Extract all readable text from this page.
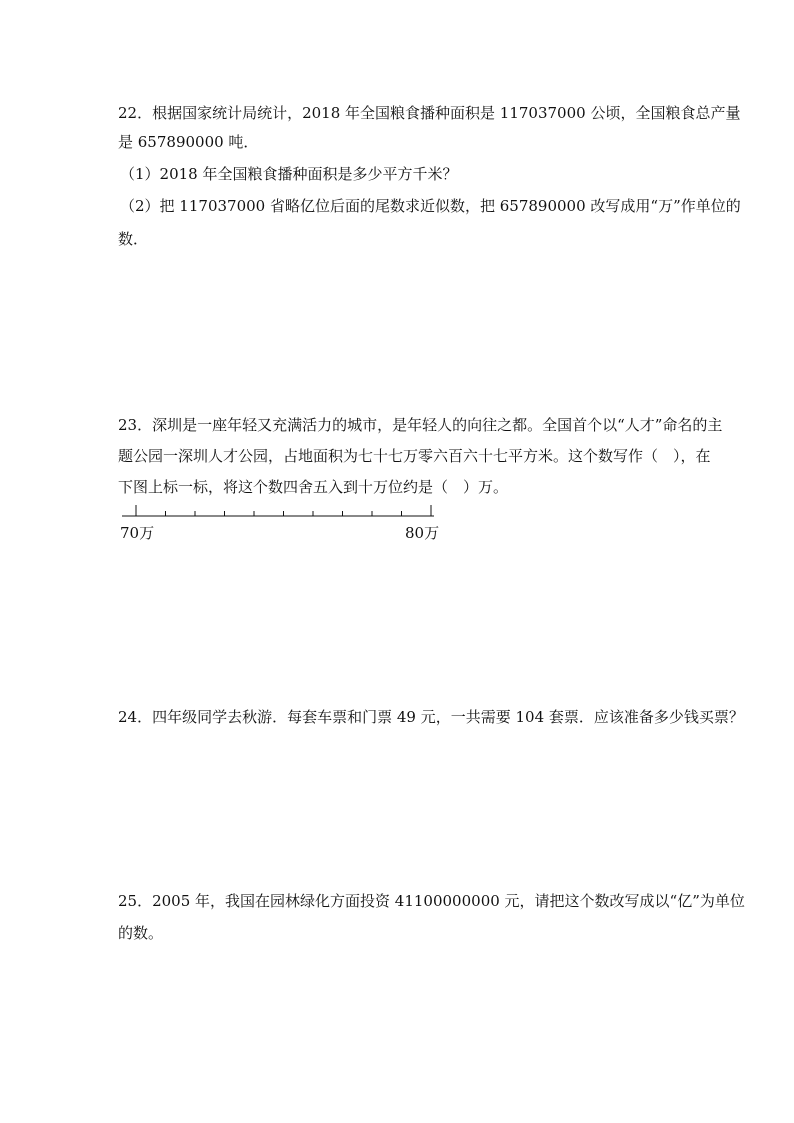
22．根据国家统计局统计，2018 年全国粮食播种面积是 117037000 公顷，全国粮食总产量
是 657890000 吨．
（1）2018 年全国粮食播种面积是多少平方千米？
（2）把 117037000 省略亿位后面的尾数求近似数，把 657890000 改写成用“万”作单位的
数．
23．深圳是一座年轻又充满活力的城市，是年轻人的向往之都。全国首个以“人才”命名的主
题公园一深圳人才公园，占地面积为七十七万零六百六十七平方米。这个数写作（　），在
下图上标一标，将这个数四舍五入到十万位约是（　）万。
70万	80万
24．四年级同学去秋游．每套车票和门票 49 元，一共需要 104 套票．应该准备多少钱买票？
25．2005 年，我国在园林绿化方面投资 41100000000 元，请把这个数改写成以“亿”为单位
的数。
